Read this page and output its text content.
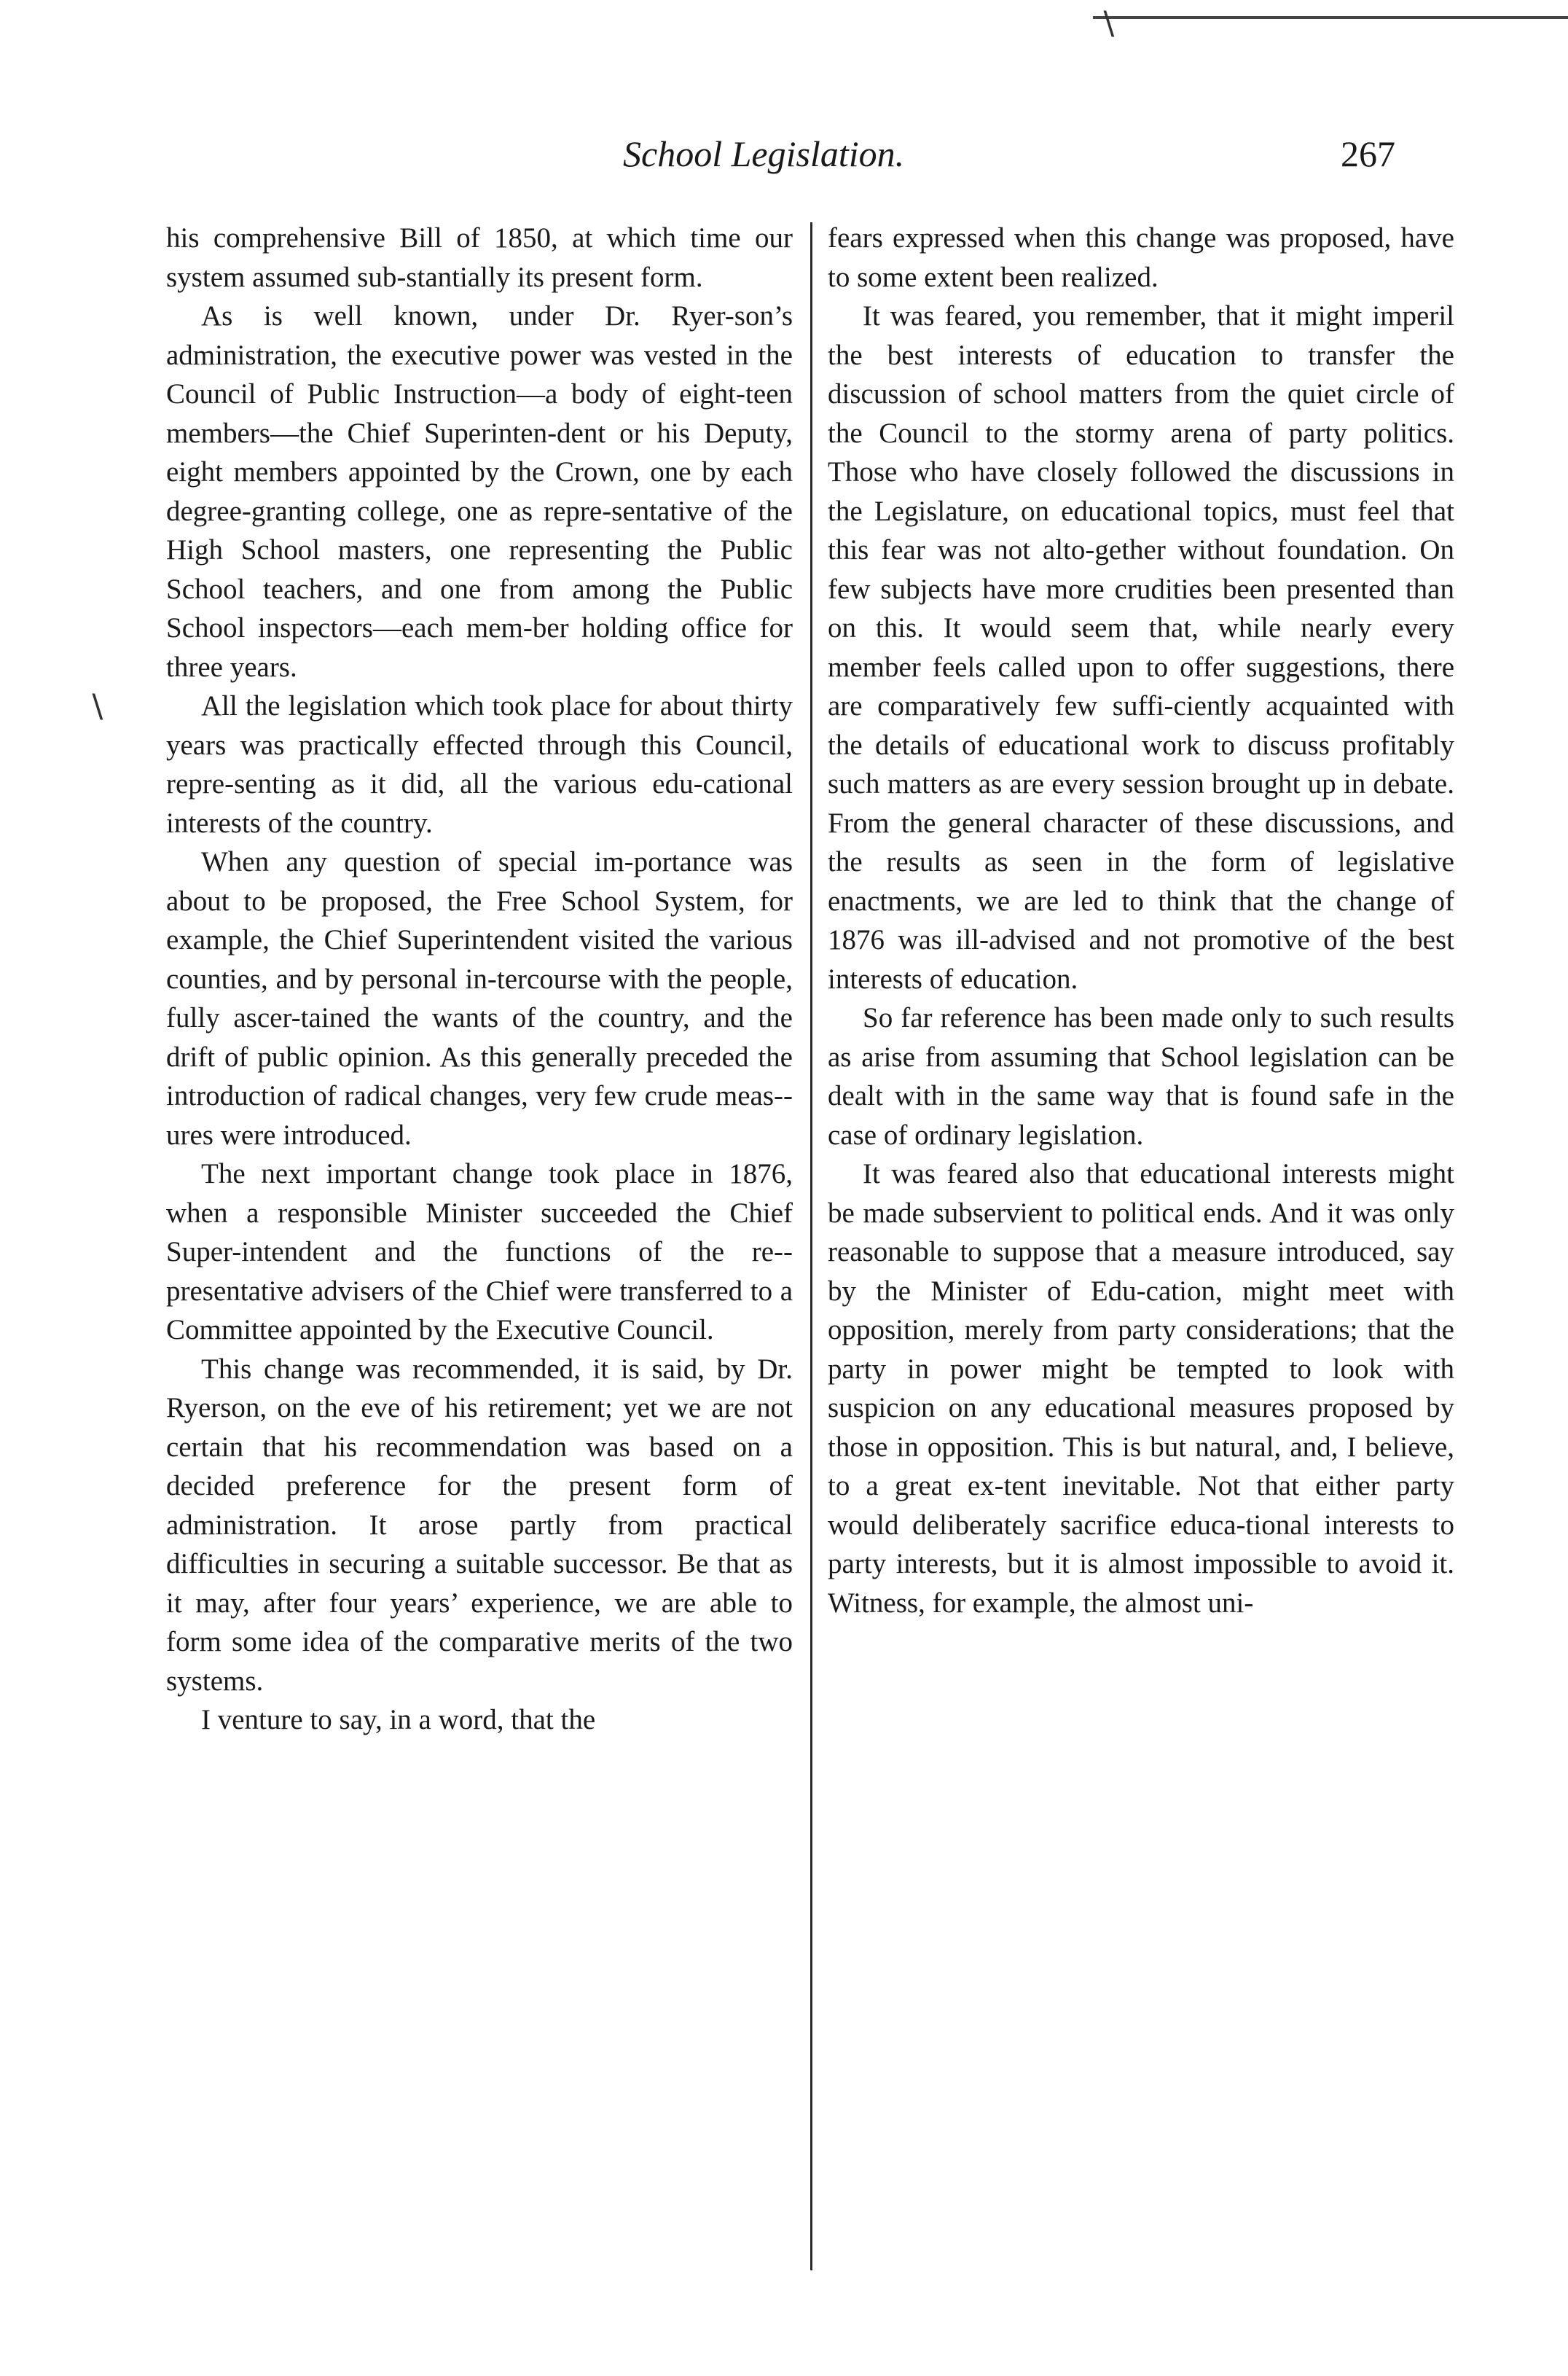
∖
∖
School Legislation.	267

his comprehensive Bill of 1850, at which time our system assumed sub-stantially its present form.

As is well known, under Dr. Ryer-son’s administration, the executive power was vested in the Council of Public Instruction—a body of eight-teen members—the Chief Superinten-dent or his Deputy, eight members appointed by the Crown, one by each degree-granting college, one as repre-sentative of the High School masters, one representing the Public School teachers, and one from among the Public School inspectors—each mem-ber holding office for three years.

All the legislation which took place for about thirty years was practically effected through this Council, repre-senting as it did, all the various edu-cational interests of the country.

When any question of special im-portance was about to be proposed, the Free School System, for example, the Chief Superintendent visited the various counties, and by personal in-tercourse with the people, fully ascer-tained the wants of the country, and the drift of public opinion. As this generally preceded the introduction of radical changes, very few crude meas-ures were introduced.

The next important change took place in 1876, when a responsible Minister succeeded the Chief Super-intendent and the functions of the re-presentative advisers of the Chief were transferred to a Committee appointed by the Executive Council.

This change was recommended, it is said, by Dr. Ryerson, on the eve of his retirement; yet we are not certain that his recommendation was based on a decided preference for the present form of administration. It arose partly from practical difficulties in securing a suitable successor. Be that as it may, after four years’ experience, we are able to form some idea of the comparative merits of the two systems.

I venture to say, in a word, that the

fears expressed when this change was proposed, have to some extent been realized.

It was feared, you remember, that it might imperil the best interests of education to transfer the discussion of school matters from the quiet circle of the Council to the stormy arena of party politics. Those who have closely followed the discussions in the Legislature, on educational topics, must feel that this fear was not alto-gether without foundation. On few subjects have more crudities been presented than on this. It would seem that, while nearly every member feels called upon to offer suggestions, there are comparatively few suffi-ciently acquainted with the details of educational work to discuss profitably such matters as are every session brought up in debate. From the general character of these discussions, and the results as seen in the form of legislative enactments, we are led to think that the change of 1876 was ill-advised and not promotive of the best interests of education.

So far reference has been made only to such results as arise from assuming that School legislation can be dealt with in the same way that is found safe in the case of ordinary legislation.

It was feared also that educational interests might be made subservient to political ends. And it was only reasonable to suppose that a measure introduced, say by the Minister of Edu-cation, might meet with opposition, merely from party considerations; that the party in power might be tempted to look with suspicion on any educational measures proposed by those in opposition. This is but natural, and, I believe, to a great ex-tent inevitable. Not that either party would deliberately sacrifice educa-tional interests to party interests, but it is almost impossible to avoid it. Witness, for example, the almost uni-
